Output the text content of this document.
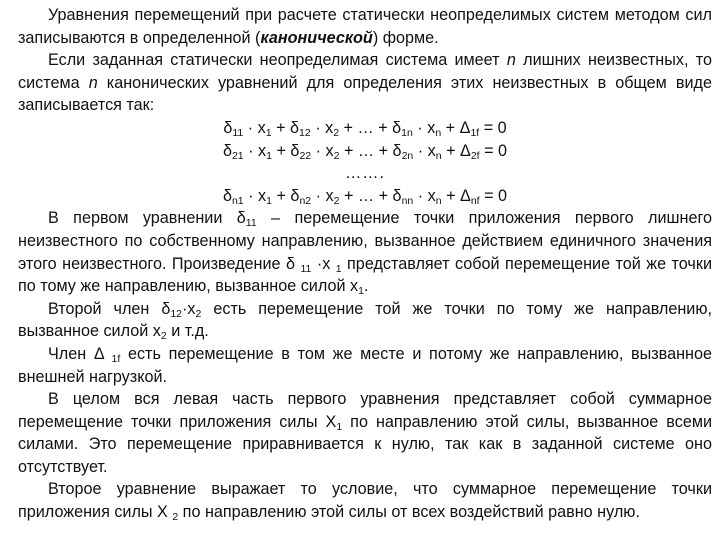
Уравнения перемещений при расчете статически неопределимых систем методом сил записываются в определенной (канонической) форме.

Если заданная статически неопределимая система имеет n лишних неизвестных, то система n канонических уравнений для определения этих неизвестных в общем виде записывается так:

$\delta_{11} \cdot x_1 + \delta_{12} \cdot x_2$ + … + $\delta_{1n} \cdot x_n + \Delta_{1f} = 0$
$\delta_{21} \cdot x_1 + \delta_{22} \cdot x_2$ + … + $\delta_{2n} \cdot x_n + \Delta_{2f} = 0$
…….
$\delta_{n1} \cdot x_1 + \delta_{n2} \cdot x_2$ + … + $\delta_{nn} \cdot x_n + \Delta_{nf} = 0$

В первом уравнении $\delta_{11}$ – перемещение точки приложения первого лишнего неизвестного по собственному направлению, вызванное действием единичного значения этого неизвестного. Произведение δ $_{11}$ ·x $_1$ представляет собой перемещение той же точки по тому же направлению, вызванное силой $x_1$.

Второй член $\delta_{12}\cdot x_2$ есть перемещение той же точки по тому же направлению, вызванное силой $x_2$ и т.д.

Член Δ $_{1f}$ есть перемещение в том же месте и потому же направлению, вызванное внешней нагрузкой.

В целом вся левая часть первого уравнения представляет собой суммарное перемещение точки приложения силы $X_1$ по направлению этой силы, вызванное всеми силами. Это перемещение приравнивается к нулю, так как в заданной системе оно отсутствует.

Второе уравнение выражает то условие, что суммарное перемещение точки приложения силы X $_2$ по направлению этой силы от всех воздействий равно нулю.
